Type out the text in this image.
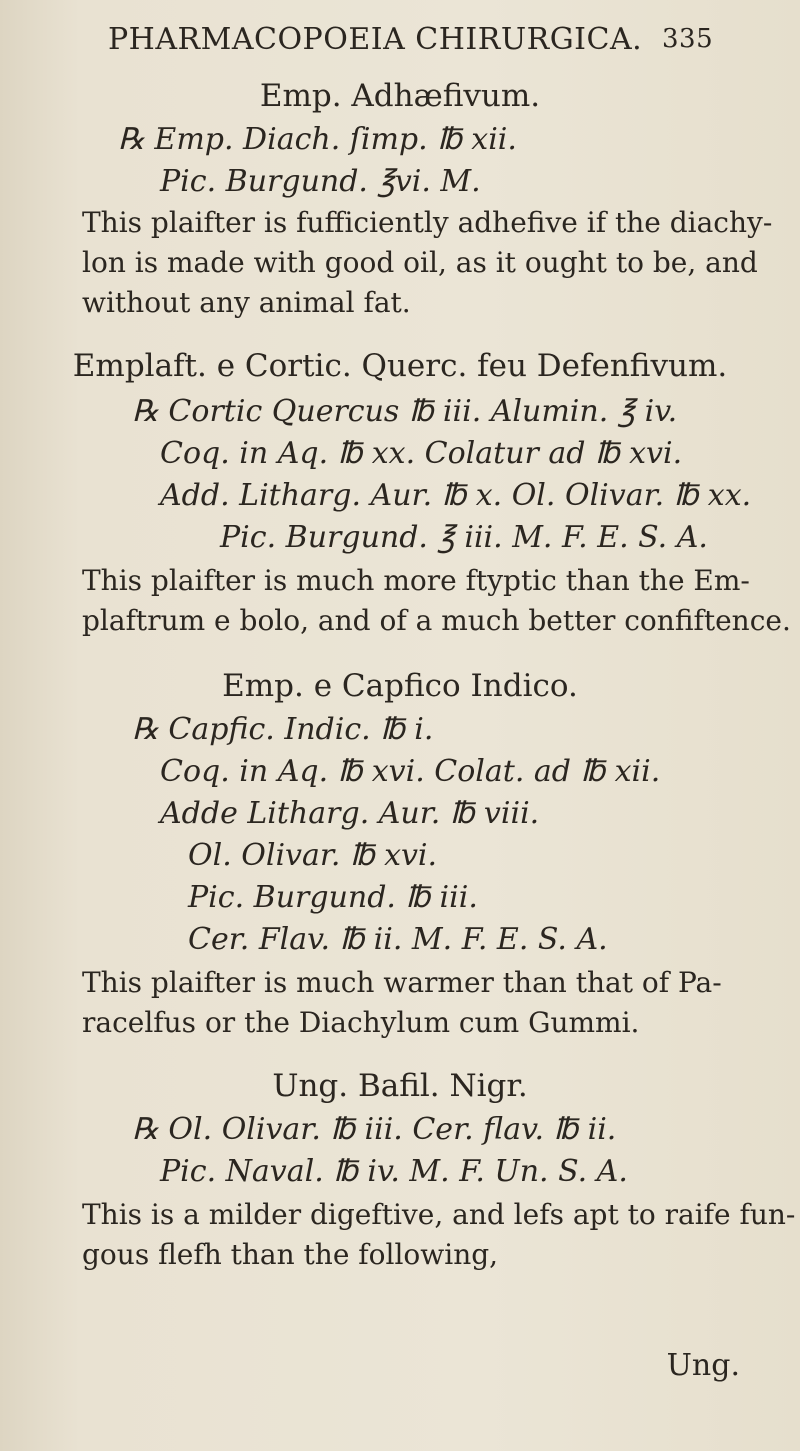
PHARMACOPOEIA CHIRURGICA. 335
Emp. Adhæfivum.
℞ Emp. Diach. ſimp. ℔ xii.
Pic. Burgund. ℥vi. M.
This plaifter is fufficiently adhefive if the diachy-
lon is made with good oil, as it ought to be, and
without any animal fat.
Emplaft. e Cortic. Querc. feu Defenfivum.
℞ Cortic Quercus ℔ iii. Alumin. ℥ iv.
Coq. in Aq. ℔ xx. Colatur ad ℔ xvi.
Add. Litharg. Aur. ℔ x. Ol. Olivar. ℔ xx.
Pic. Burgund. ℥ iii. M. F. E. S. A.
This plaifter is much more ftyptic than the Em-
plaftrum e bolo, and of a much better confiftence.
Emp. e Capfico Indico.
℞ Capfic. Indic. ℔ i.
Coq. in Aq. ℔ xvi. Colat. ad ℔ xii.
Adde Litharg. Aur. ℔ viii.
Ol. Olivar. ℔ xvi.
Pic. Burgund. ℔ iii.
Cer. Flav. ℔ ii. M. F. E. S. A.
This plaifter is much warmer than that of Pa-
racelfus or the Diachylum cum Gummi.
Ung. Bafil. Nigr.
℞ Ol. Olivar. ℔ iii. Cer. flav. ℔ ii.
Pic. Naval. ℔ iv. M. F. Un. S. A.
This is a milder digeftive, and lefs apt to raife fun-
gous flefh than the following,
Ung.
